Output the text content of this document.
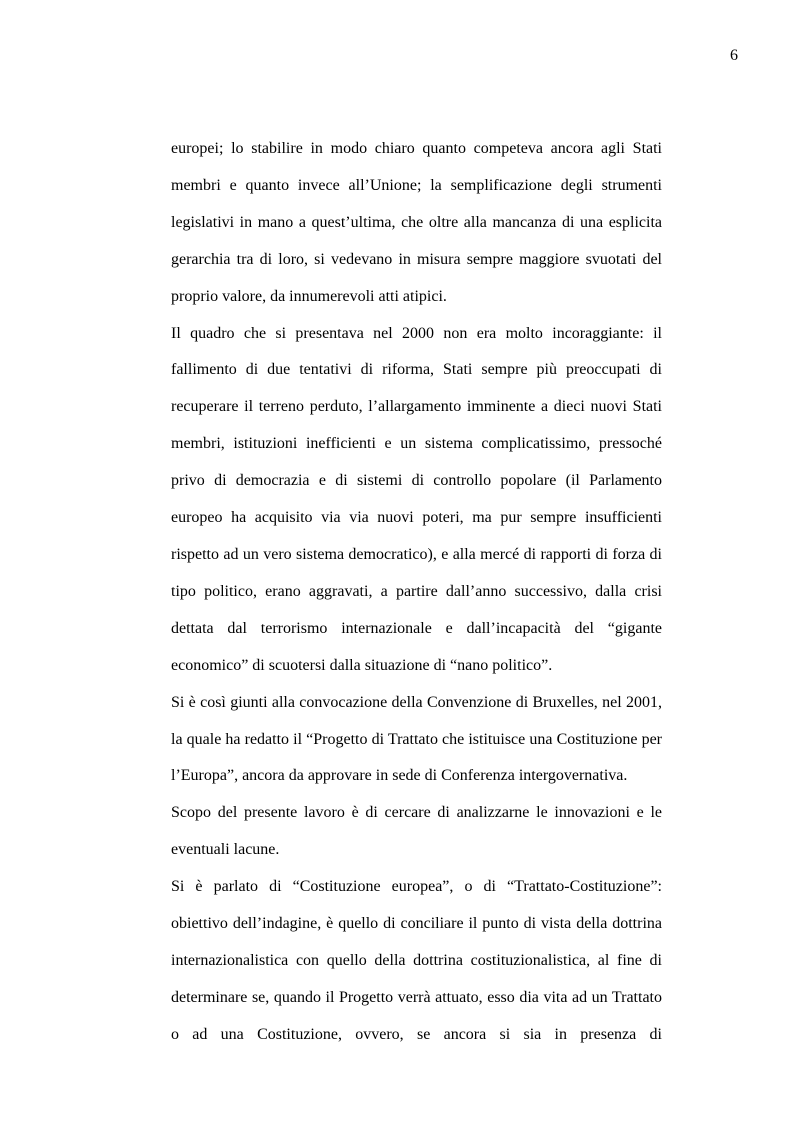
6

europei; lo stabilire in modo chiaro quanto competeva ancora agli Stati membri e quanto invece all’Unione; la semplificazione degli strumenti legislativi in mano a quest’ultima, che oltre alla mancanza di una esplicita gerarchia tra di loro, si vedevano in misura sempre maggiore svuotati del proprio valore, da innumerevoli atti atipici.

Il quadro che si presentava nel 2000 non era molto incoraggiante: il fallimento di due tentativi di riforma, Stati sempre più preoccupati di recuperare il terreno perduto, l’allargamento imminente a dieci nuovi Stati membri, istituzioni inefficienti e un sistema complicatissimo, pressoché privo di democrazia e di sistemi di controllo popolare (il Parlamento europeo ha acquisito via via nuovi poteri, ma pur sempre insufficienti rispetto ad un vero sistema democratico), e alla mercé di rapporti di forza di tipo politico, erano aggravati, a partire dall’anno successivo, dalla crisi dettata dal terrorismo internazionale e dall’incapacità del “gigante economico” di scuotersi dalla situazione di “nano politico”.

Si è così giunti alla convocazione della Convenzione di Bruxelles, nel 2001, la quale ha redatto il “Progetto di Trattato che istituisce una Costituzione per l’Europa”, ancora da approvare in sede di Conferenza intergovernativa.

Scopo del presente lavoro è di cercare di analizzarne le innovazioni e le eventuali lacune.

Si è parlato di “Costituzione europea”, o di “Trattato-Costituzione”: obiettivo dell’indagine, è quello di conciliare il punto di vista della dottrina internazionalistica con quello della dottrina costituzionalistica, al fine di determinare se, quando il Progetto verrà attuato, esso dia vita ad un Trattato o ad una Costituzione, ovvero, se ancora si sia in presenza di
